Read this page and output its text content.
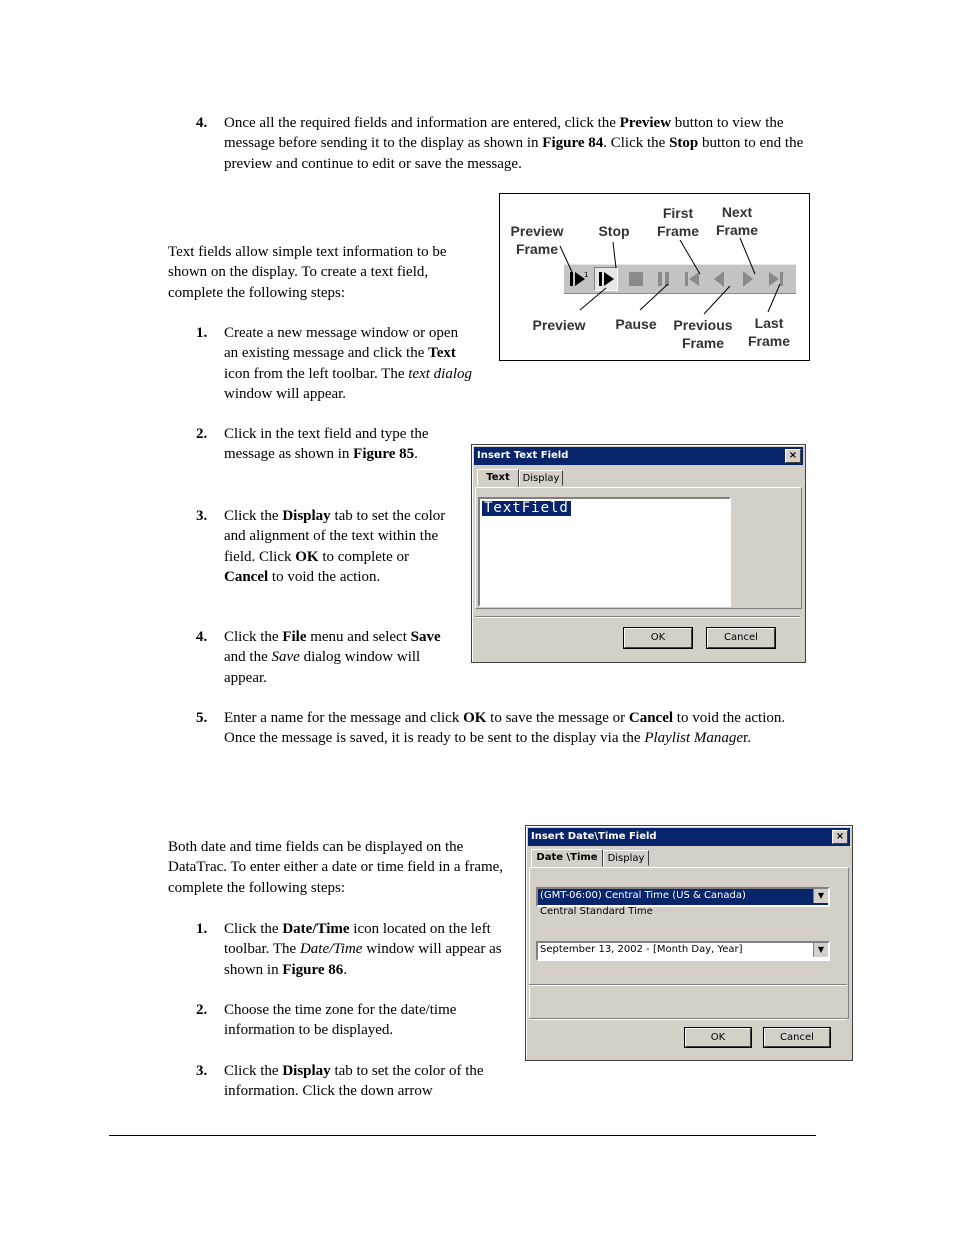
4. Once all the required fields and information are entered, click the Preview button to view the message before sending it to the display as shown in Figure 84. Click the Stop button to end the preview and continue to edit or save the message.
Preview
Frame
Stop
First
Frame
Next
Frame
1
Preview	Pause	Previous
Frame
Last
Frame
Text fields allow simple text information to be shown on the display. To create a text field, complete the following steps:
1. Create a new message window or open an existing message and click the Text icon from the left toolbar. The text dialog window will appear.
2. Click in the text field and type the message as shown in Figure 85.
3. Click the Display tab to set the color and alignment of the text within the field. Click OK to complete or Cancel to void the action.
4. Click the File menu and select Save and the Save dialog window will appear.
5. Enter a name for the message and click OK to save the message or Cancel to void the action. Once the message is saved, it is ready to be sent to the display via the Playlist Manager.
Insert Text Field	×
Text	Display
TextField
OK	Cancel
Both date and time fields can be displayed on the DataTrac. To enter either a date or time field in a frame, complete the following steps:
1. Click the Date/Time icon located on the left toolbar. The Date/Time window will appear as shown in Figure 86.
2. Choose the time zone for the date/time information to be displayed.
3. Click the Display tab to set the color of the information. Click the down arrow
Insert Date\Time Field	×
Date \Time Display
(GMT-06:00) Central Time (US & Canada)	▼
Central Standard Time
September 13, 2002 - [Month Day, Year]	▼
OK	Cancel
